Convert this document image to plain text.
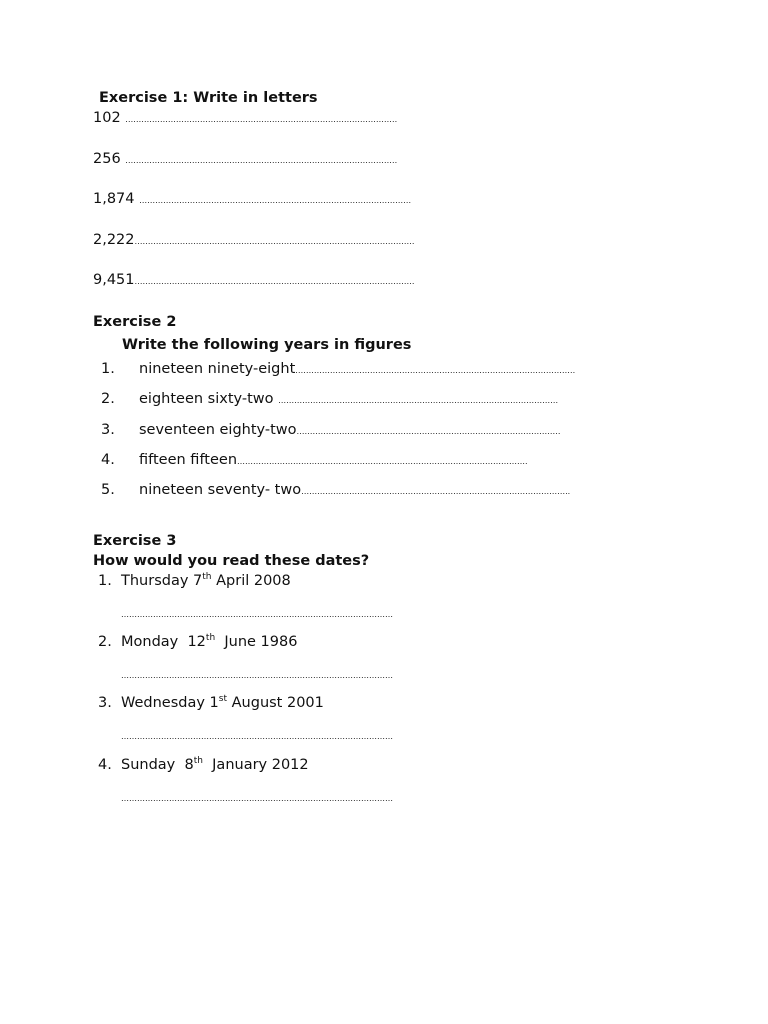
Exercise 1: Write in letters
102 …………………………………………………………………………………………
256 …………………………………………………………………………………………
1,874 …………………………………………………………………………………………
2,222……………………………………………………………………………………………
9,451……………………………………………………………………………………………
Exercise 2
Write the following years in figures
1. nineteen ninety-eight……………………………………………………………………………………………
2. eighteen sixty-two ……………………………………………………………………………………………
3. seventeen eighty-two………………………………………………………………………………………
4. fifteen fifteen……………………………………………………………………………………………….
5. nineteen seventy- two………………………………………………………………………………………..
Exercise 3
How would you read these dates?
1. Thursday 7th April 2008
…………………………………………………………………………………………
2. Monday  12th  June 1986
…………………………………………………………………………………………
3. Wednesday 1st August 2001
…………………………………………………………………………………………
4. Sunday  8th  January 2012
…………………………………………………………………………………………
